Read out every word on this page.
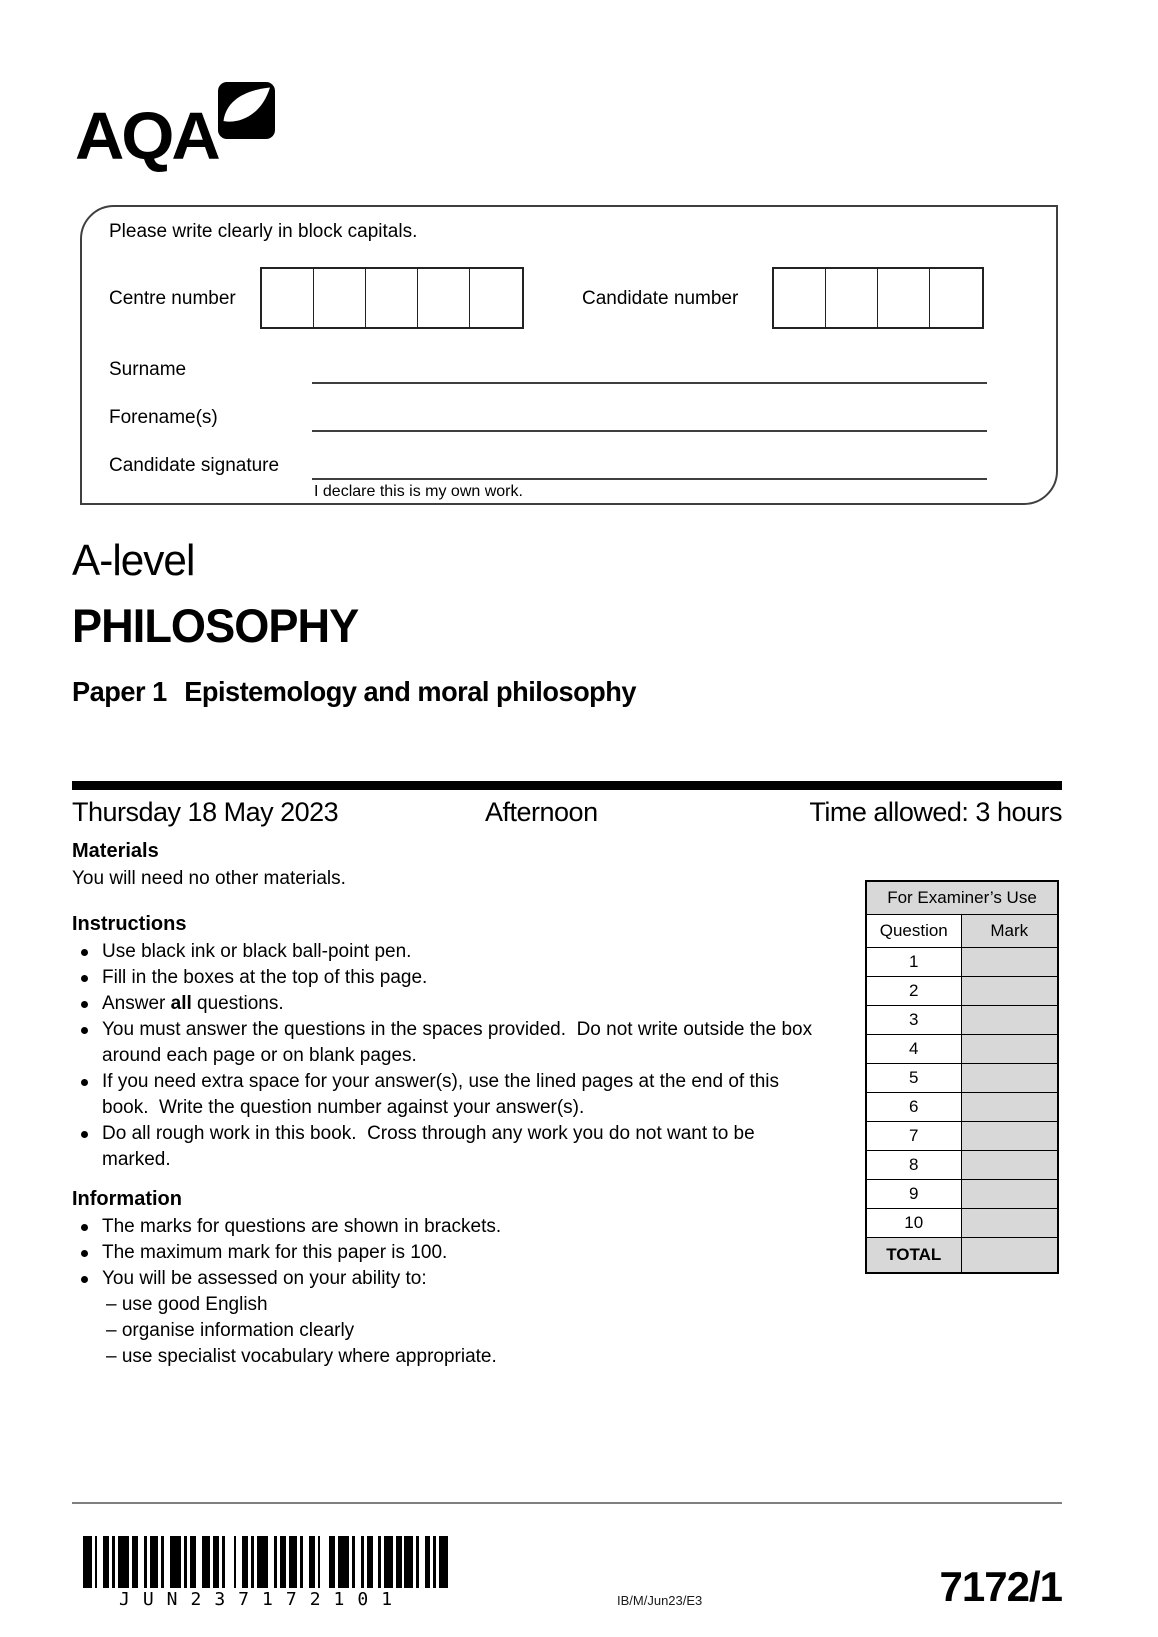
AQA
Please write clearly in block capitals.
Centre number	Candidate number
Surname
Forename(s)
Candidate signature
I declare this is my own work.
A-level
PHILOSOPHY
Paper 1 Epistemology and moral philosophy
Thursday 18 May 2023	Afternoon	Time allowed: 3 hours
Materials

You will need no other materials.

Instructions
Use black ink or black ball-point pen.
Fill in the boxes at the top of this page.
Answer all questions.
You must answer the questions in the spaces provided.  Do not write outside the box around each page or on blank pages.
If you need extra space for your answer(s), use the lined pages at the end of this book.  Write the question number against your answer(s).
Do all rough work in this book.  Cross through any work you do not want to be marked.
Information
The marks for questions are shown in brackets.
The maximum mark for this paper is 100.
You will be assessed on your ability to:
– use good English
– organise information clearly
– use specialist vocabulary where appropriate.
For Examiner’s Use	
Question	Mark
1	
2	
3	
4	
5	
6	
7	
8	
9	
10	
TOTAL	
JUN237172101	IB/M/Jun23/E3	7172/1
